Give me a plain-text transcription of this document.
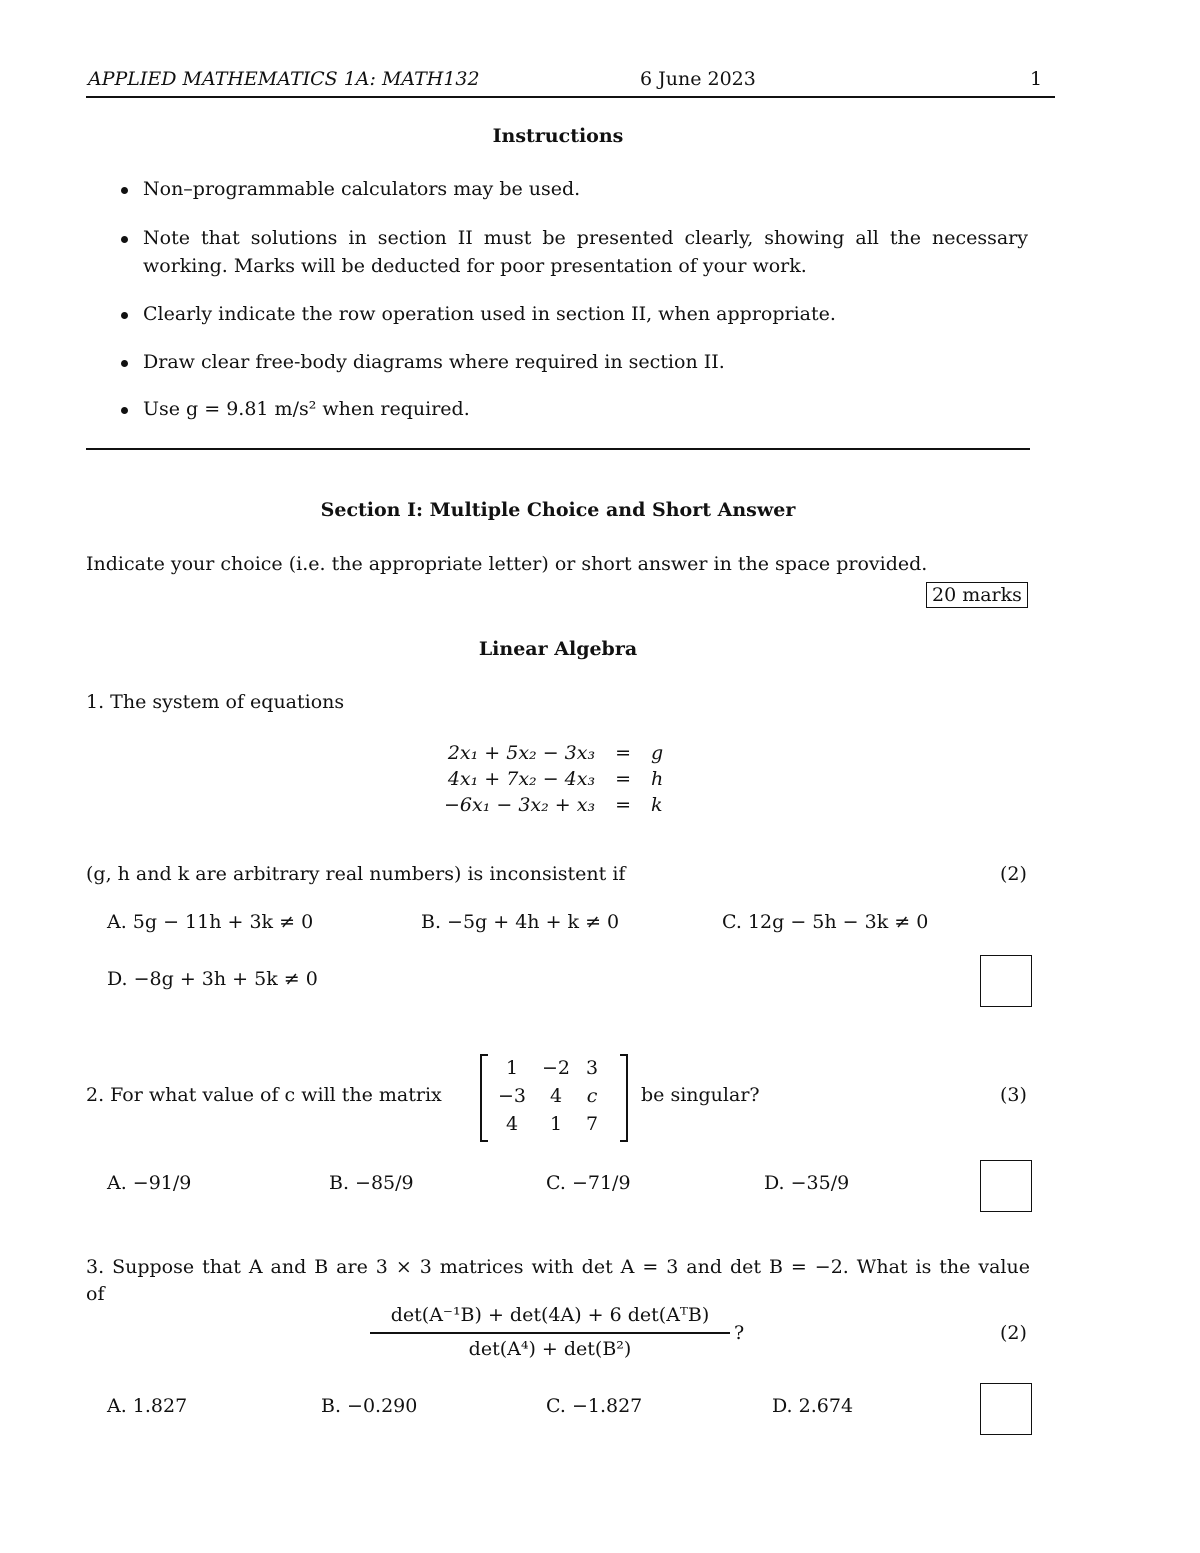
APPLIED MATHEMATICS 1A: MATH132	6 June 2023	1
Instructions
Non–programmable calculators may be used.
Note that solutions in section II must be presented clearly, showing all the necessary
working. Marks will be deducted for poor presentation of your work.
Clearly indicate the row operation used in section II, when appropriate.
Draw clear free-body diagrams where required in section II.
Use g = 9.81 m/s² when required.
Section I: Multiple Choice and Short Answer
Indicate your choice (i.e. the appropriate letter) or short answer in the space provided.
20 marks
Linear Algebra
1. The system of equations
2x₁ + 5x₂ − 3x₃	=	g
4x₁ + 7x₂ − 4x₃	=	h
−6x₁ − 3x₂ + x₃	=	k
(g, h and k are arbitrary real numbers) is inconsistent if	(2)
A. 5g − 11h + 3k ≠ 0	B. −5g + 4h + k ≠ 0	C. 12g − 5h − 3k ≠ 0
D. −8g + 3h + 5k ≠ 0
2. For what value of c will the matrix
1	−2	3
−3	4	c
4	1	7
be singular?	(3)
A. −91/9	B. −85/9	C. −71/9	D. −35/9
3. Suppose that A and B are 3 × 3 matrices with det A = 3 and det B = −2. What is the value
of
det(A⁻¹B) + det(4A) + 6 det(AᵀB)
det(A⁴) + det(B²)
?	(2)
A. 1.827	B. −0.290	C. −1.827	D. 2.674
